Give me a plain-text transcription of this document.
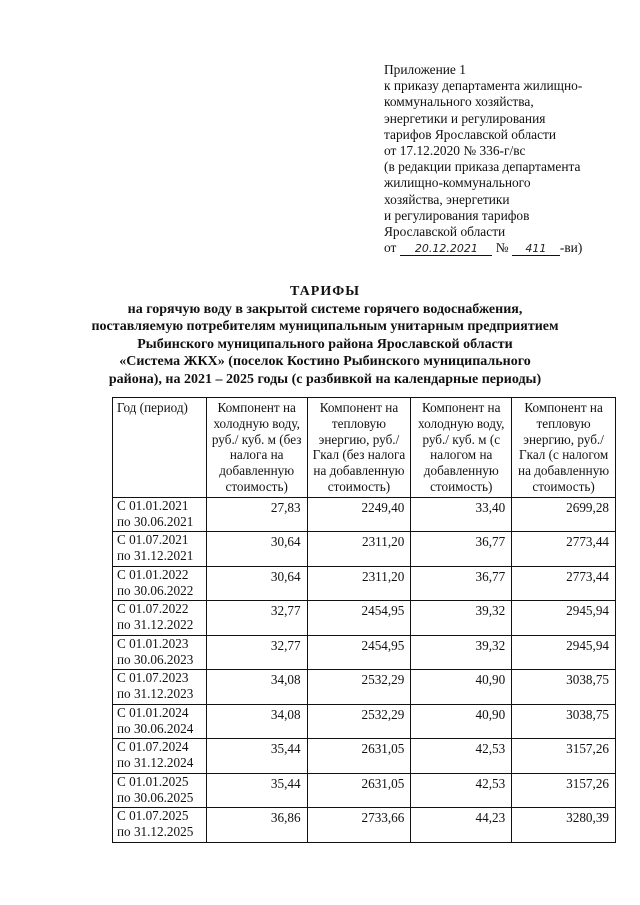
Приложение 1
к приказу департамента жилищно-
коммунального хозяйства,
энергетики и регулирования
тарифов Ярославской области
от 17.12.2020 № 336-г/вс
(в редакции приказа департамента
жилищно-коммунального
хозяйства, энергетики
и регулирования тарифов
Ярославской области
от 20.12.2021 № 411 -ви)
ТАРИФЫ
на горячую воду в закрытой системе горячего водоснабжения,
поставляемую потребителям муниципальным унитарным предприятием
Рыбинского муниципального района Ярославской области
«Система ЖКХ» (поселок Костино Рыбинского муниципального
района), на 2021 – 2025 годы (с разбивкой на календарные периоды)
Год (период)	Компонент на холодную воду, руб./ куб. м (без налога на добавленную стоимость)	Компонент на тепловую энергию, руб./Гкал (без налога на добавленную стоимость)	Компонент на холодную воду, руб./ куб. м (с налогом на добавленную стоимость)	Компонент на тепловую энергию, руб./Гкал (с налогом на добавленную стоимость)

С 01.01.2021
по 30.06.2021	27,83	2249,40	33,40	2699,28

С 01.07.2021
по 31.12.2021	30,64	2311,20	36,77	2773,44

С 01.01.2022
по 30.06.2022	30,64	2311,20	36,77	2773,44

С 01.07.2022
по 31.12.2022	32,77	2454,95	39,32	2945,94

С 01.01.2023
по 30.06.2023	32,77	2454,95	39,32	2945,94

С 01.07.2023
по 31.12.2023	34,08	2532,29	40,90	3038,75

С 01.01.2024
по 30.06.2024	34,08	2532,29	40,90	3038,75

С 01.07.2024
по 31.12.2024	35,44	2631,05	42,53	3157,26

С 01.01.2025
по 30.06.2025	35,44	2631,05	42,53	3157,26

С 01.07.2025
по 31.12.2025	36,86	2733,66	44,23	3280,39
